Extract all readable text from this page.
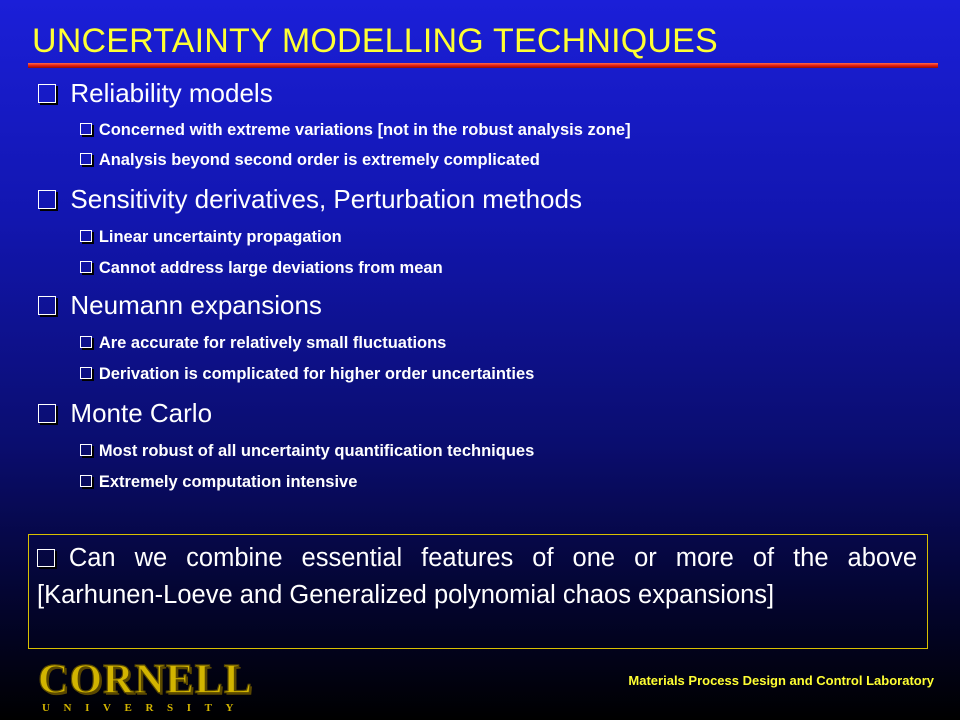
UNCERTAINTY MODELLING TECHNIQUES
Reliability models
Concerned with extreme variations [not in the robust analysis zone]
Analysis beyond second order is extremely complicated
Sensitivity derivatives, Perturbation methods
Linear uncertainty propagation
Cannot address large deviations from mean
Neumann expansions
Are accurate for relatively small fluctuations
Derivation is complicated for higher order uncertainties
Monte Carlo
Most robust of all uncertainty quantification techniques
Extremely computation intensive
Can we combine essential features of one or more of the above [Karhunen-Loeve and Generalized polynomial chaos expansions]
CORNELL
UNIVERSITY
Materials Process Design and Control Laboratory
